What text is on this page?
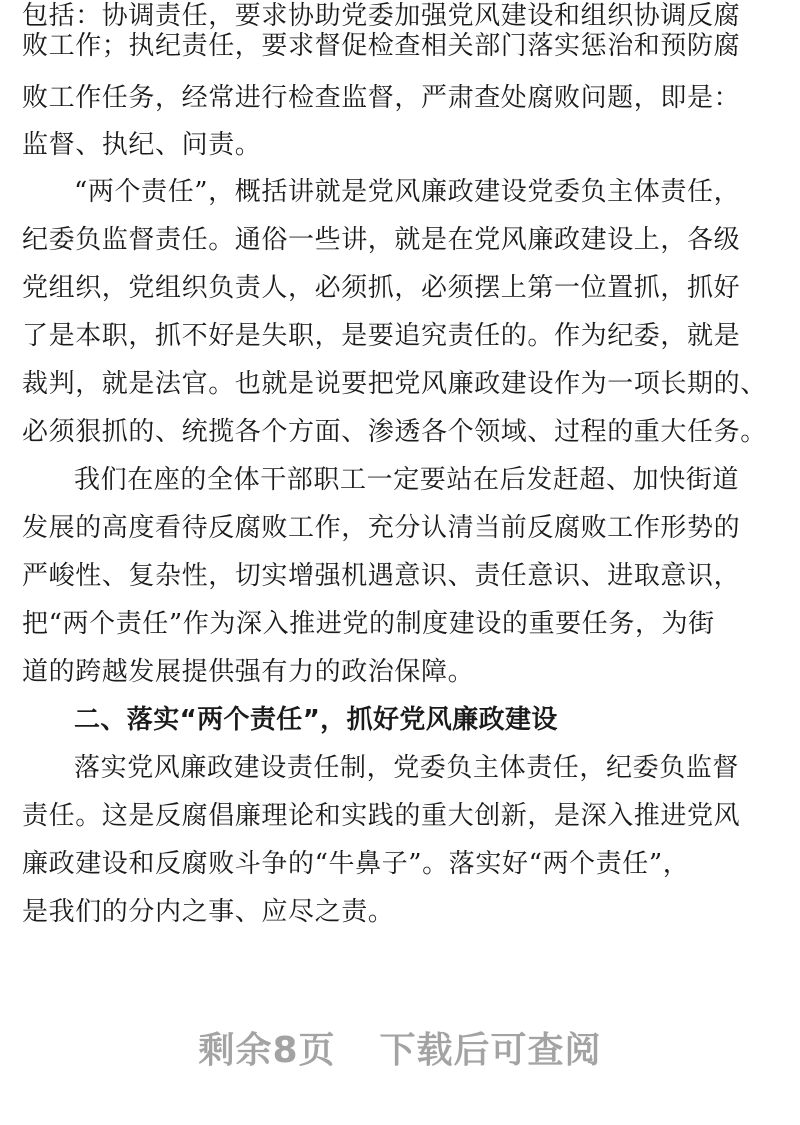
包括：协调责任，要求协助党委加强党风建设和组织协调反腐
败工作；执纪责任，要求督促检查相关部门落实惩治和预防腐
败工作任务，经常进行检查监督，严肃查处腐败问题，即是：
监督、执纪、问责。
“两个责任”，概括讲就是党风廉政建设党委负主体责任，
纪委负监督责任。通俗一些讲，就是在党风廉政建设上，各级
党组织，党组织负责人，必须抓，必须摆上第一位置抓，抓好
了是本职，抓不好是失职，是要追究责任的。作为纪委，就是
裁判，就是法官。也就是说要把党风廉政建设作为一项长期的、
必须狠抓的、统揽各个方面、渗透各个领域、过程的重大任务。
我们在座的全体干部职工一定要站在后发赶超、加快街道
发展的高度看待反腐败工作，充分认清当前反腐败工作形势的
严峻性、复杂性，切实增强机遇意识、责任意识、进取意识，
把“两个责任”作为深入推进党的制度建设的重要任务，为街
道的跨越发展提供强有力的政治保障。
二、落实“两个责任”，抓好党风廉政建设
落实党风廉政建设责任制，党委负主体责任，纪委负监督
责任。这是反腐倡廉理论和实践的重大创新，是深入推进党风
廉政建设和反腐败斗争的“牛鼻子”。落实好“两个责任”，
是我们的分内之事、应尽之责。
剩余8页 下载后可查阅
